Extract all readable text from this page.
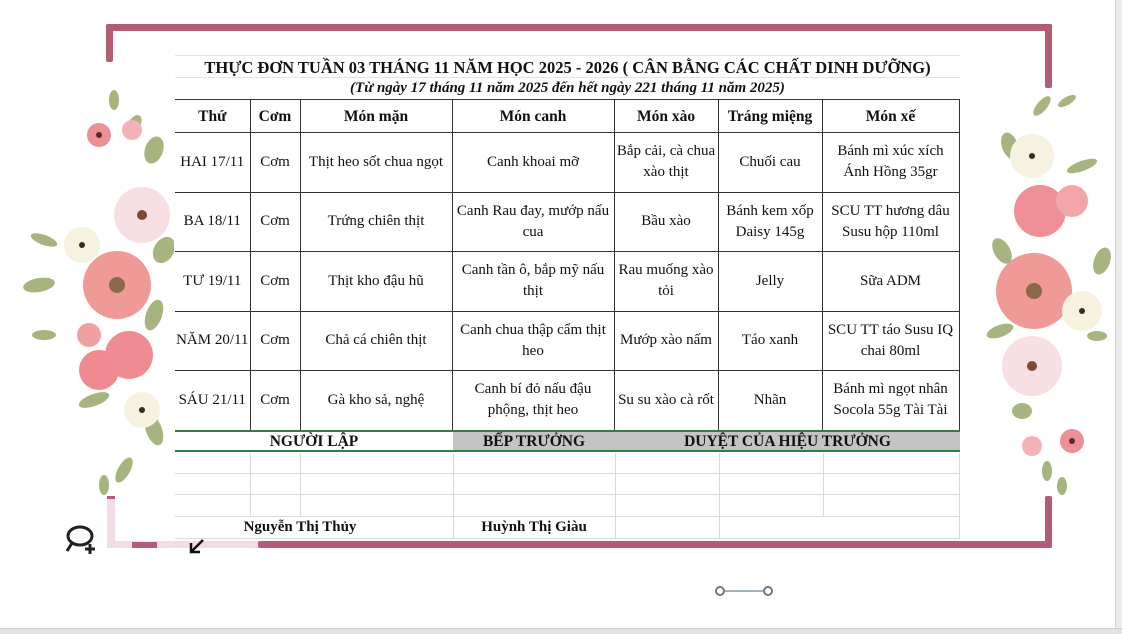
THỰC ĐƠN TUẦN 03 THÁNG 11 NĂM HỌC 2025 - 2026 ( CÂN BẰNG CÁC CHẤT DINH DƯỠNG)
(Từ ngày 17 tháng 11 năm 2025 đến hết ngày 221 tháng 11 năm 2025)
Thứ	Cơm	Món mặn	Món canh	Món xào	Tráng miệng	Món xế
HAI 17/11	Cơm	Thịt heo sốt chua ngọt	Canh khoai mỡ	Bắp cải, cà chua xào thịt	Chuối cau	Bánh mì xúc xích Ánh Hồng 35gr
BA 18/11	Cơm	Trứng chiên thịt	Canh Rau đay, mướp nấu cua	Bầu xào	Bánh kem xốp Daisy 145g	SCU TT hương dâu Susu hộp 110ml
TƯ 19/11	Cơm	Thịt kho đậu hũ	Canh tần ô, bắp mỹ nấu thịt	Rau muống xào tỏi	Jelly	Sữa ADM
NĂM 20/11	Cơm	Chả cá chiên thịt	Canh chua thập cẩm thịt heo	Mướp xào nấm	Táo xanh	SCU TT táo Susu IQ chai 80ml
SÁU 21/11	Cơm	Gà kho sả, nghệ	Canh bí đỏ nấu đậu phộng, thịt heo	Su su xào cà rốt	Nhãn	Bánh mì ngọt nhân Socola 55g Tài Tài
NGƯỜI LẬP	BẾP TRƯỞNG	DUYỆT CỦA HIỆU TRƯỞNG
Nguyễn Thị Thủy	Huỳnh Thị Giàu
